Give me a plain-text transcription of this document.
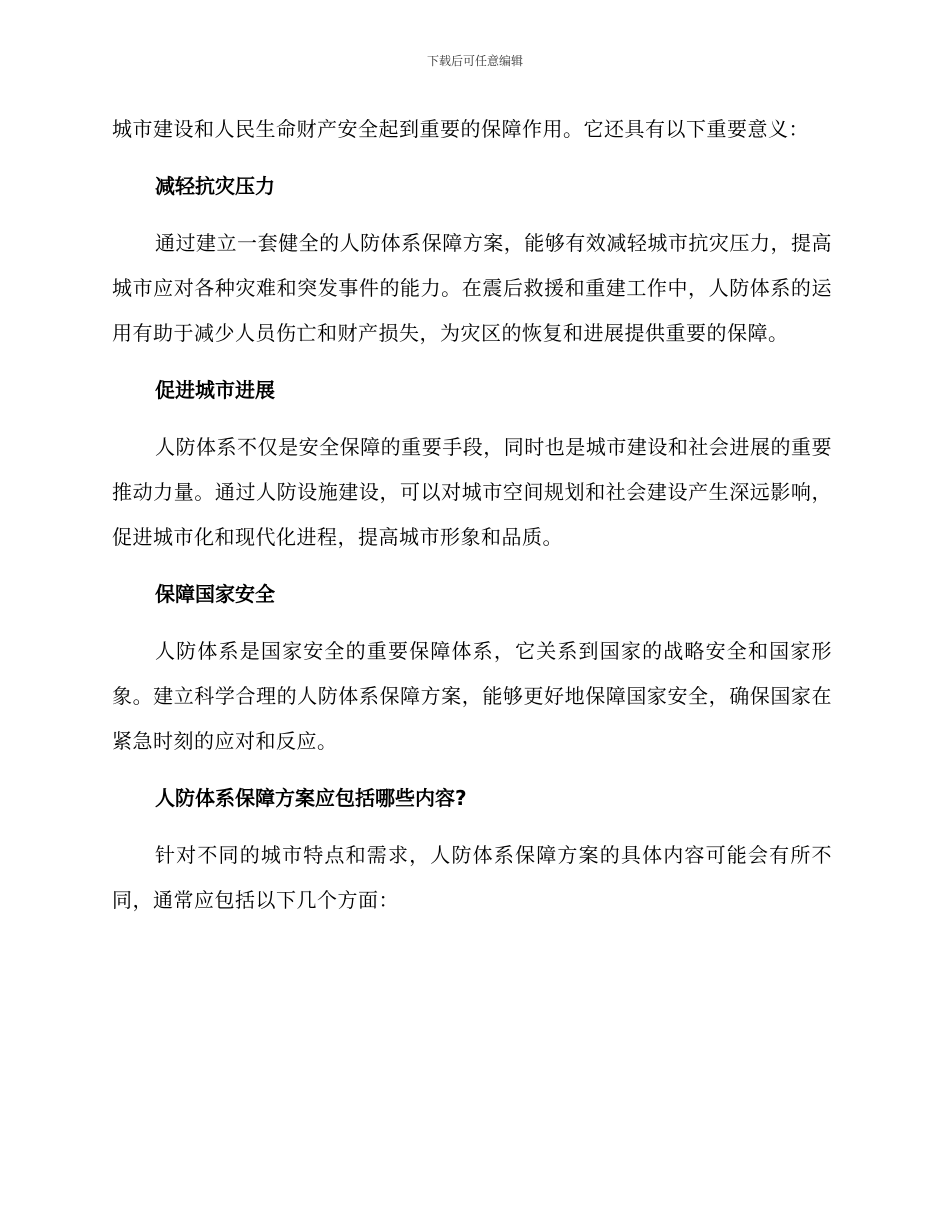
下载后可任意编辑

城市建设和人民生命财产安全起到重要的保障作用。它还具有以下重要意义：

减轻抗灾压力

通过建立一套健全的人防体系保障方案，能够有效减轻城市抗灾压力，提高城市应对各种灾难和突发事件的能力。在震后救援和重建工作中，人防体系的运用有助于减少人员伤亡和财产损失，为灾区的恢复和进展提供重要的保障。

促进城市进展

人防体系不仅是安全保障的重要手段，同时也是城市建设和社会进展的重要推动力量。通过人防设施建设，可以对城市空间规划和社会建设产生深远影响，促进城市化和现代化进程，提高城市形象和品质。

保障国家安全

人防体系是国家安全的重要保障体系，它关系到国家的战略安全和国家形象。建立科学合理的人防体系保障方案，能够更好地保障国家安全，确保国家在紧急时刻的应对和反应。

人防体系保障方案应包括哪些内容?

针对不同的城市特点和需求，人防体系保障方案的具体内容可能会有所不同，通常应包括以下几个方面：
